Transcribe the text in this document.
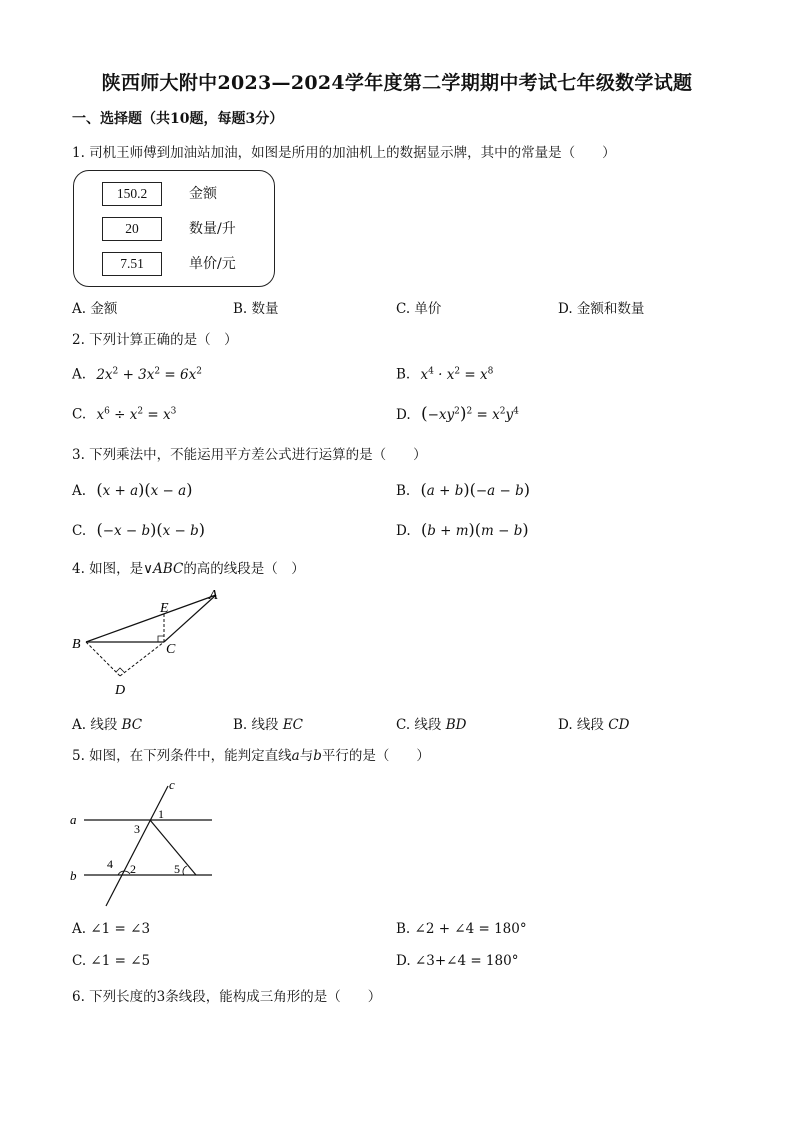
陕西师大附中2023—2024学年度第二学期期中考试七年级数学试题
一、选择题（共10题，每题3分）
1. 司机王师傅到加油站加油，如图是所用的加油机上的数据显示牌，其中的常量是（　　）
150.2	金额
20	数量/升
7.51	单价/元
A. 金额	B. 数量	C. 单价	D. 金额和数量
2. 下列计算正确的是（　）
A. $2x^2 + 3x^2 = 6x^2$	B. $x^4 \cdot x^2 = x^8$
C. $x^6 \div x^2 = x^3$	D. $(-xy^2)^2 = x^2y^4$
3. 下列乘法中，不能运用平方差公式进行运算的是（　　）
A. (x + a)(x − a)	B. (a + b)(−a − b)
C. (−x − b)(x − b)	D. (b + m)(m − b)
4. 如图，是∨ABC的高的线段是（　）
A
B	C
D
E
A. 线段 BC	B. 线段 EC	C. 线段 BD	D. 线段 CD
5. 如图，在下列条件中，能判定直线a与b平行的是（　　）
c
a
b
1
3
4 2	5
A. ∠1 = ∠3	B. ∠2 + ∠4 = 180°
C. ∠1 = ∠5	D. ∠3+∠4 = 180°
6. 下列长度的3条线段，能构成三角形的是（　　）
